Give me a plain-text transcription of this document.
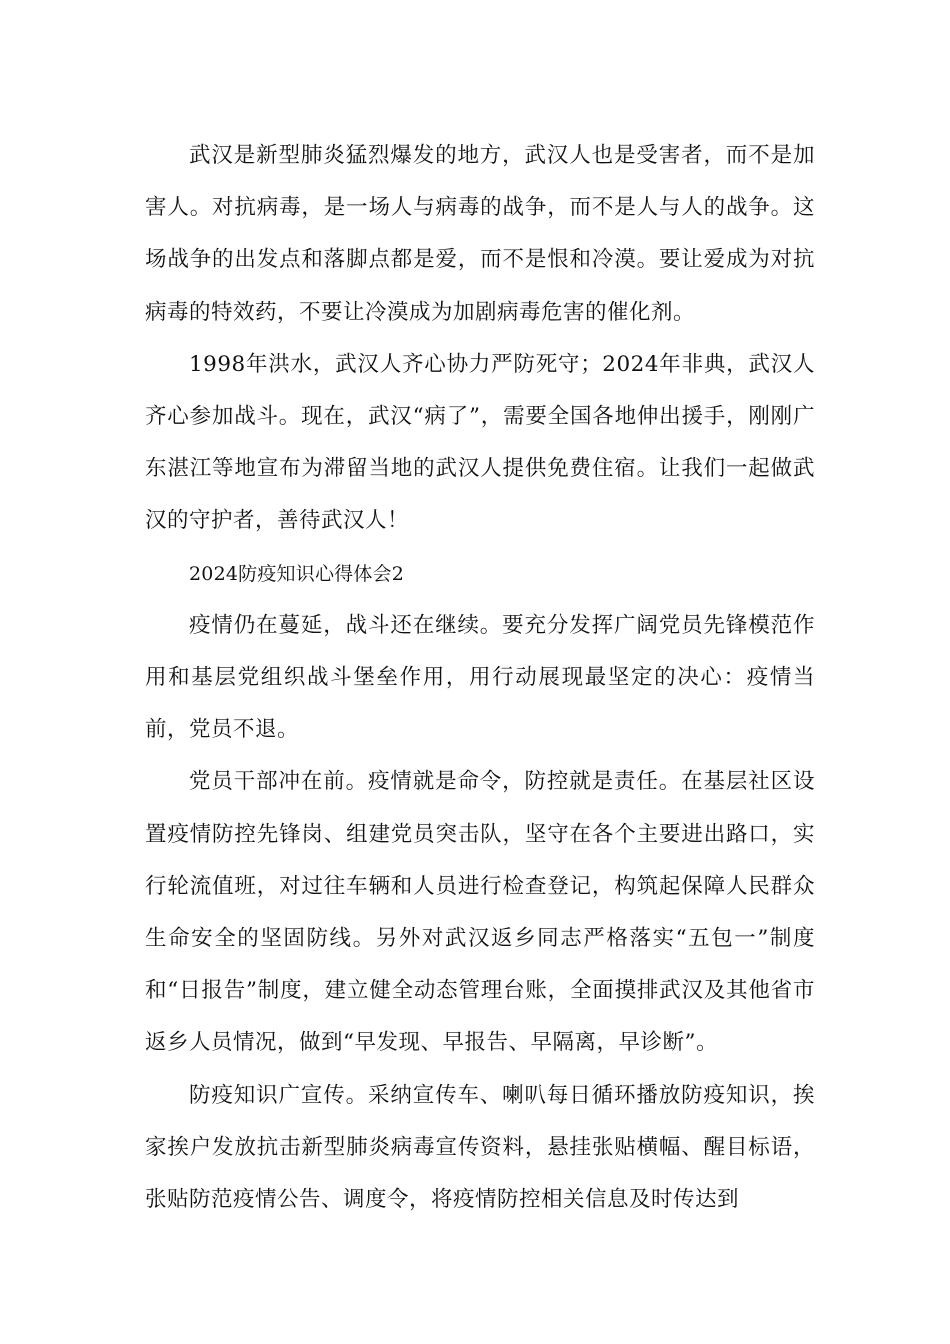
武汉是新型肺炎猛烈爆发的地方，武汉人也是受害者，而不是加害人。对抗病毒，是一场人与病毒的战争，而不是人与人的战争。这场战争的出发点和落脚点都是爱，而不是恨和冷漠。要让爱成为对抗病毒的特效药，不要让冷漠成为加剧病毒危害的催化剂。

1998年洪水，武汉人齐心协力严防死守；2024年非典，武汉人齐心参加战斗。现在，武汉“病了”，需要全国各地伸出援手，刚刚广东湛江等地宣布为滞留当地的武汉人提供免费住宿。让我们一起做武汉的守护者，善待武汉人！

2024防疫知识心得体会2

疫情仍在蔓延，战斗还在继续。要充分发挥广阔党员先锋模范作用和基层党组织战斗堡垒作用，用行动展现最坚定的决心：疫情当前，党员不退。

党员干部冲在前。疫情就是命令，防控就是责任。在基层社区设置疫情防控先锋岗、组建党员突击队，坚守在各个主要进出路口，实行轮流值班，对过往车辆和人员进行检查登记，构筑起保障人民群众生命安全的坚固防线。另外对武汉返乡同志严格落实“五包一”制度和“日报告”制度，建立健全动态管理台账，全面摸排武汉及其他省市返乡人员情况，做到“早发现、早报告、早隔离，早诊断”。

防疫知识广宣传。采纳宣传车、喇叭每日循环播放防疫知识，挨家挨户发放抗击新型肺炎病毒宣传资料，悬挂张贴横幅、醒目标语，张贴防范疫情公告、调度令，将疫情防控相关信息及时传达到
